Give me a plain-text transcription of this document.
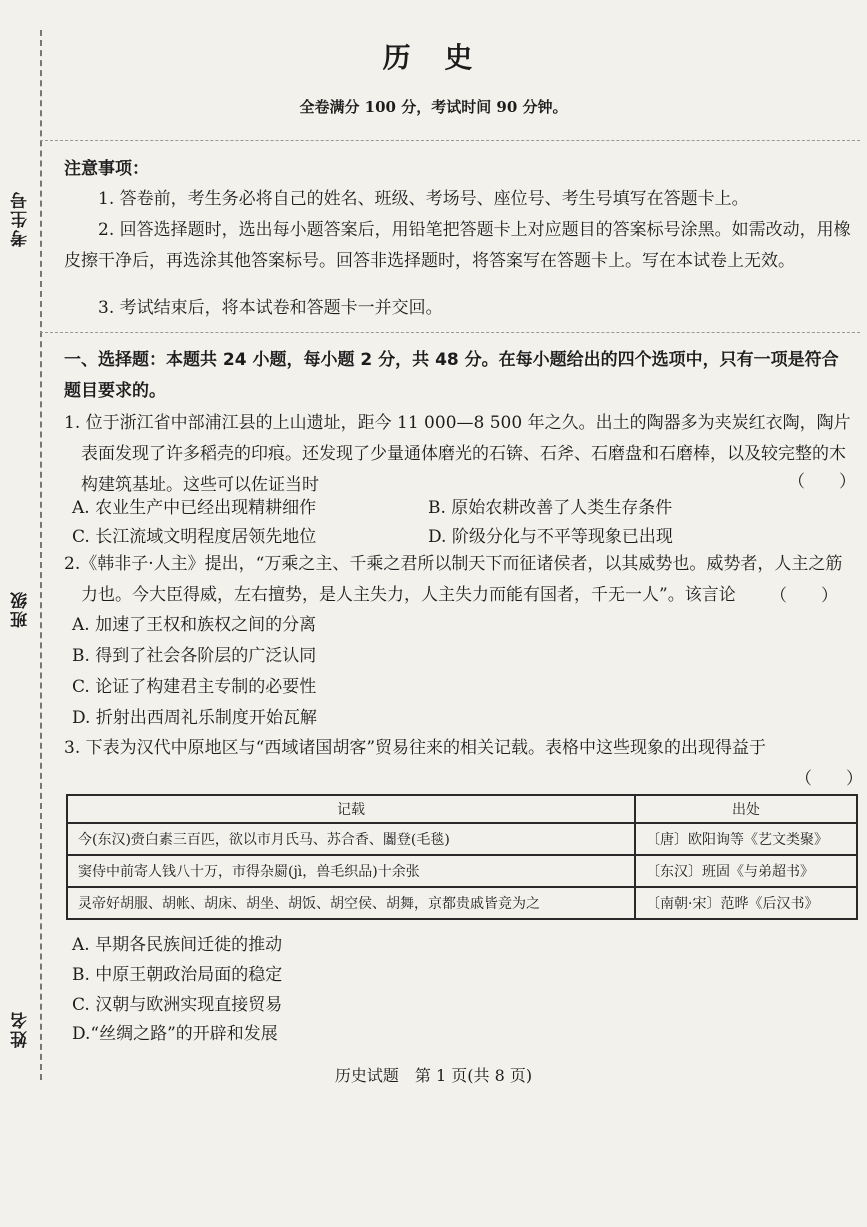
考生号
班级
姓名
历 史
全卷满分 100 分，考试时间 90 分钟。
注意事项：
1. 答卷前，考生务必将自己的姓名、班级、考场号、座位号、考生号填写在答题卡上。
2. 回答选择题时，选出每小题答案后，用铅笔把答题卡上对应题目的答案标号涂黑。如需改动，用橡皮擦干净后，再选涂其他答案标号。回答非选择题时，将答案写在答题卡上。写在本试卷上无效。
3. 考试结束后，将本试卷和答题卡一并交回。
一、选择题：本题共 24 小题，每小题 2 分，共 48 分。在每小题给出的四个选项中，只有一项是符合题目要求的。
1. 位于浙江省中部浦江县的上山遗址，距今 11 000—8 500 年之久。出土的陶器多为夹炭红衣陶，陶片表面发现了许多稻壳的印痕。还发现了少量通体磨光的石锛、石斧、石磨盘和石磨棒，以及较完整的木构建筑基址。这些可以佐证当时	（　　）
A. 农业生产中已经出现精耕细作	B. 原始农耕改善了人类生存条件
C. 长江流域文明程度居领先地位	D. 阶级分化与不平等现象已出现
2.《韩非子·人主》提出，“万乘之主、千乘之君所以制天下而征诸侯者，以其威势也。威势者，人主之筋力也。今大臣得威，左右擅势，是人主失力，人主失力而能有国者，千无一人”。该言论	（　　）
A. 加速了王权和族权之间的分离
B. 得到了社会各阶层的广泛认同
C. 论证了构建君主专制的必要性
D. 折射出西周礼乐制度开始瓦解
3. 下表为汉代中原地区与“西域诸国胡客”贸易往来的相关记载。表格中这些现象的出现得益于
（　　）
记载	出处
今(东汉)赍白素三百匹，欲以市月氏马、苏合香、闟登(毛毯)	〔唐〕欧阳询等《艺文类聚》
窦侍中前寄人钱八十万，市得杂罽(jì，兽毛织品)十余张	〔东汉〕班固《与弟超书》
灵帝好胡服、胡帐、胡床、胡坐、胡饭、胡空侯、胡舞，京都贵戚皆竞为之	〔南朝·宋〕范晔《后汉书》
A. 早期各民族间迁徙的推动
B. 中原王朝政治局面的稳定
C. 汉朝与欧洲实现直接贸易
D.“丝绸之路”的开辟和发展
历史试题　第 1 页(共 8 页)
